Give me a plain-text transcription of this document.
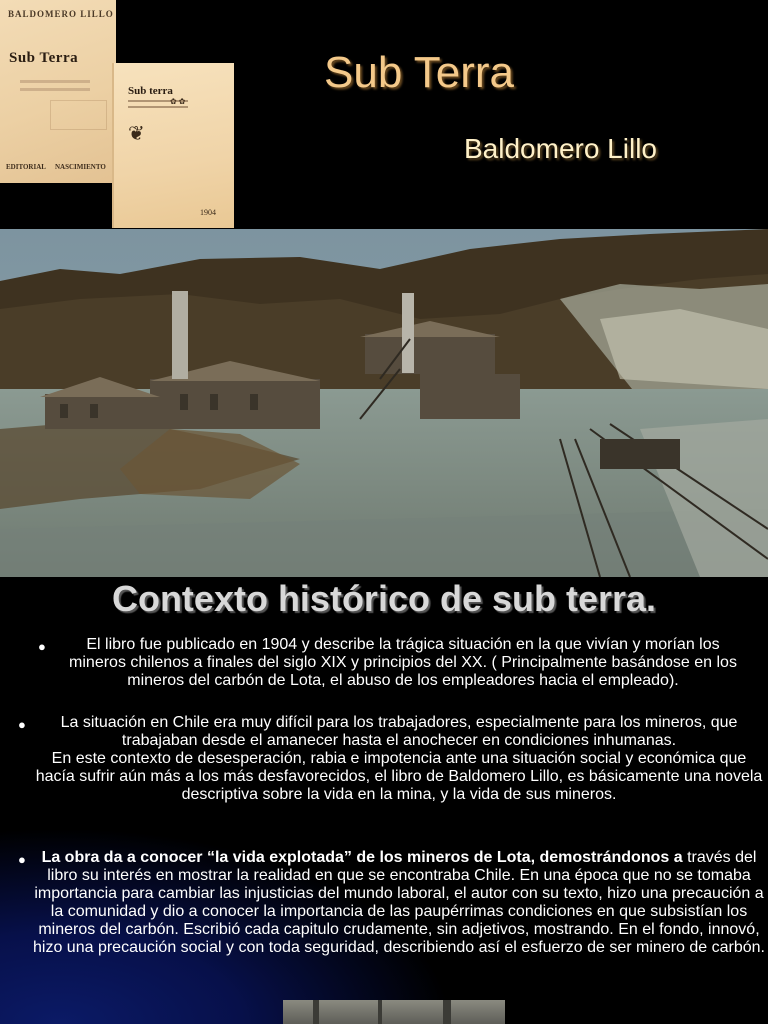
BALDOMERO LILLO
Sub Terra
EDITORIAL NASCIMIENTO
Sub terra
❦
1904
Sub Terra
Baldomero Lillo
Contexto histórico de sub terra.
●	El libro fue publicado en 1904 y describe la trágica situación en la que vivían y morían los mineros chilenos a finales del siglo XIX y principios del XX. ( Principalmente basándose en los mineros del carbón de Lota, el abuso de los empleadores hacia el empleado).
●	La situación en Chile era muy difícil para los trabajadores, especialmente para los mineros, que trabajaban desde el amanecer hasta el anochecer en condiciones inhumanas.
En este contexto de desesperación, rabia e impotencia ante una situación social y económica que hacía sufrir aún más a los más desfavorecidos, el libro de Baldomero Lillo, es básicamente una novela descriptiva sobre la vida en la mina, y la vida de sus mineros.
● La obra da a conocer “la vida explotada” de los mineros de Lota, demostrándonos a través del libro su interés en mostrar la realidad en que se encontraba Chile. En una época que no se tomaba importancia para cambiar las injusticias del mundo laboral, el autor con su texto, hizo una precaución a la comunidad y dio a conocer la importancia de las paupérrimas condiciones en que subsistían los mineros del carbón. Escribió cada capitulo crudamente, sin adjetivos, mostrando. En el fondo, innovó, hizo una precaución social y con toda seguridad, describiendo así el esfuerzo de ser minero de carbón.
